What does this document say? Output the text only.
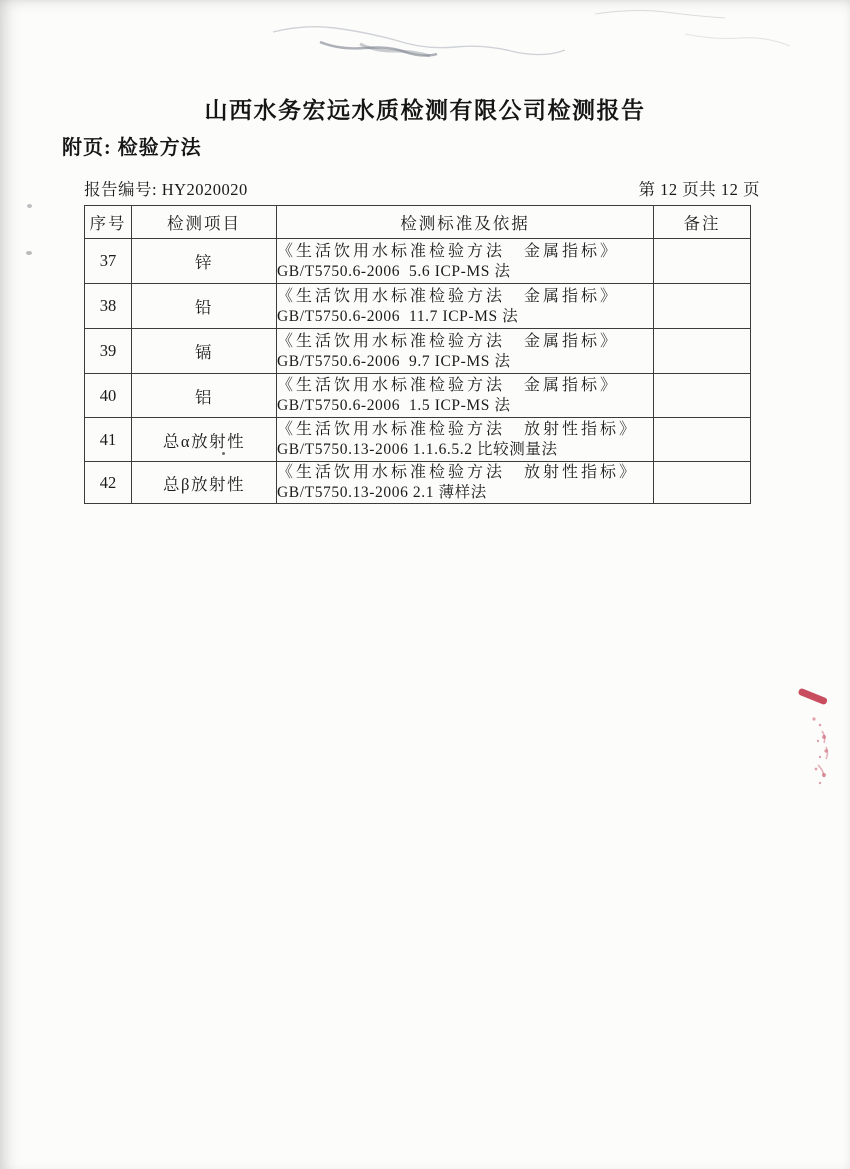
山西水务宏远水质检测有限公司检测报告
附页: 检验方法
报告编号: HY2020020	第 12 页共 12 页
序号	检测项目	检测标准及依据	备注
37	锌	《生活饮用水标准检验方法　金属指标》
GB/T5750.6-2006  5.6 ICP-MS 法	

38	铅	《生活饮用水标准检验方法　金属指标》
GB/T5750.6-2006  11.7 ICP-MS 法	

39	镉	《生活饮用水标准检验方法　金属指标》
GB/T5750.6-2006  9.7 ICP-MS 法	

40	铝	《生活饮用水标准检验方法　金属指标》
GB/T5750.6-2006  1.5 ICP-MS 法	

41	总α放射性	《生活饮用水标准检验方法　放射性指标》
GB/T5750.13-2006 1.1.6.5.2 比较测量法	

42	总β放射性	《生活饮用水标准检验方法　放射性指标》
GB/T5750.13-2006 2.1 薄样法	
